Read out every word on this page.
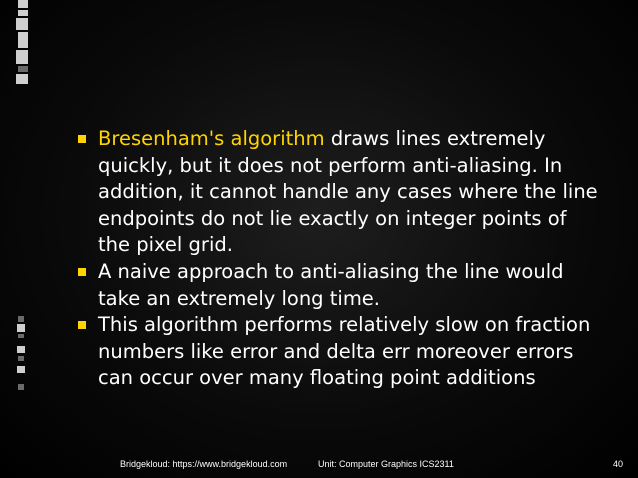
Bresenham's algorithm draws lines extremely quickly, but it does not perform anti-aliasing. In addition, it cannot handle any cases where the line endpoints do not lie exactly on integer points of the pixel grid.

A naive approach to anti-aliasing the line would take an extremely long time.

This algorithm performs relatively slow on fraction numbers like error and delta err moreover errors can occur over many floating point additions

Bridgekloud: https://www.bridgekloud.com	Unit: Computer Graphics ICS2311	40
